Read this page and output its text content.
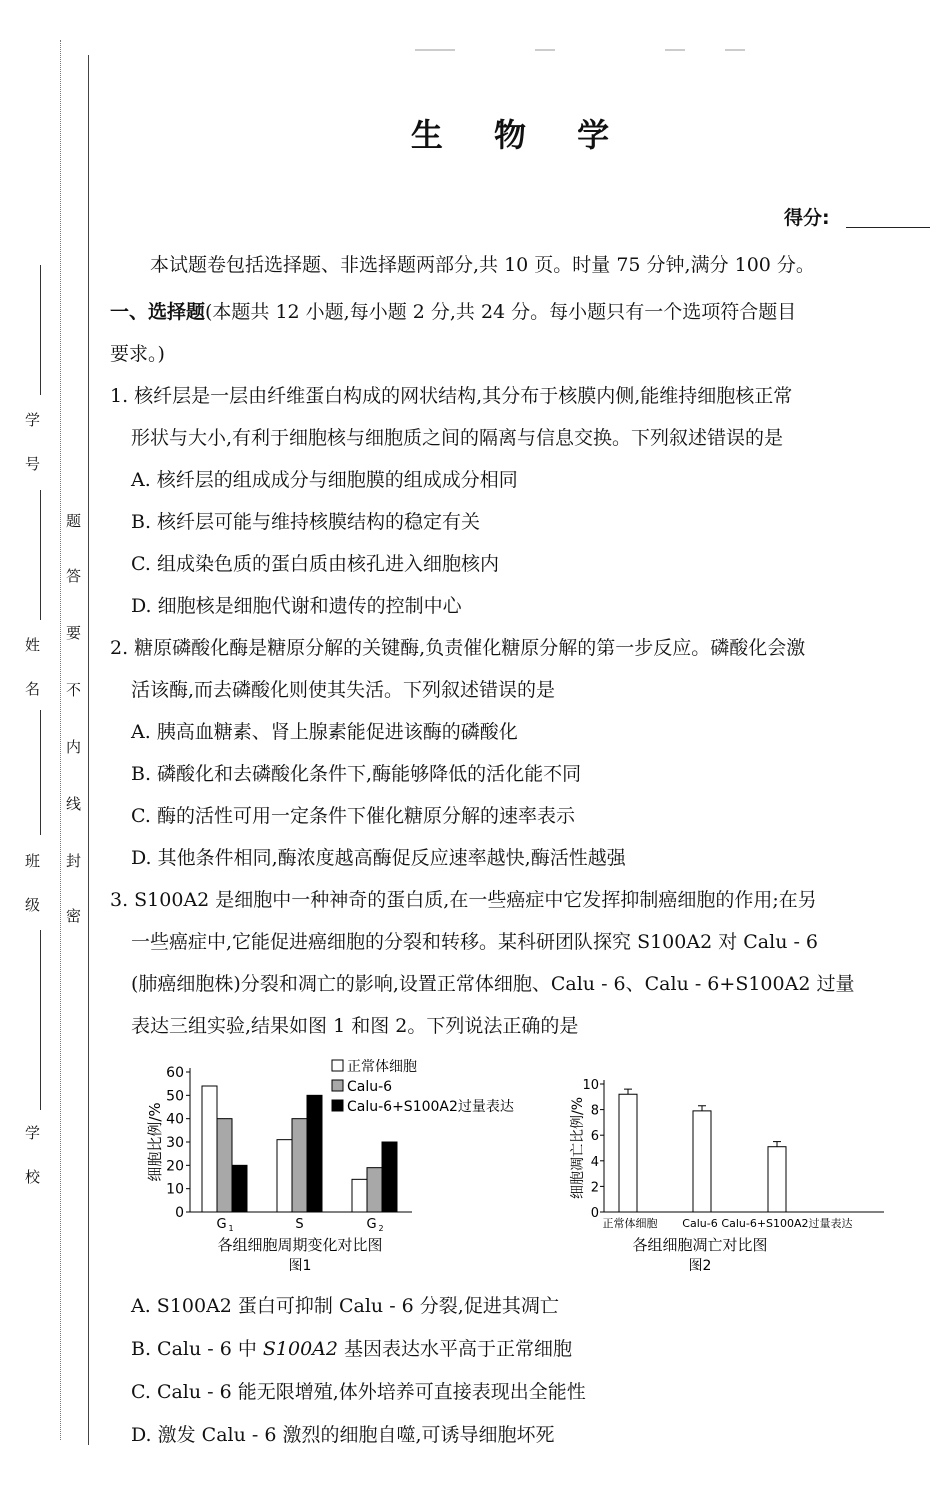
学 号
姓 名
班 级
学 校
题
答
要
不
内
线
封
密
生 物 学
得分:
本试题卷包括选择题、非选择题两部分,共 10 页。时量 75 分钟,满分 100 分。
一、选择题(本题共 12 小题,每小题 2 分,共 24 分。每小题只有一个选项符合题目
要求。)
1. 核纤层是一层由纤维蛋白构成的网状结构,其分布于核膜内侧,能维持细胞核正常
形状与大小,有利于细胞核与细胞质之间的隔离与信息交换。下列叙述错误的是
A. 核纤层的组成成分与细胞膜的组成成分相同
B. 核纤层可能与维持核膜结构的稳定有关
C. 组成染色质的蛋白质由核孔进入细胞核内
D. 细胞核是细胞代谢和遗传的控制中心
2. 糖原磷酸化酶是糖原分解的关键酶,负责催化糖原分解的第一步反应。磷酸化会激
活该酶,而去磷酸化则使其失活。下列叙述错误的是
A. 胰高血糖素、肾上腺素能促进该酶的磷酸化
B. 磷酸化和去磷酸化条件下,酶能够降低的活化能不同
C. 酶的活性可用一定条件下催化糖原分解的速率表示
D. 其他条件相同,酶浓度越高酶促反应速率越快,酶活性越强
3. S100A2 是细胞中一种神奇的蛋白质,在一些癌症中它发挥抑制癌细胞的作用;在另
一些癌症中,它能促进癌细胞的分裂和转移。某科研团队探究 S100A2 对 Calu - 6
(肺癌细胞株)分裂和凋亡的影响,设置正常体细胞、Calu - 6、Calu - 6+S100A2 过量
表达三组实验,结果如图 1 和图 2。下列说法正确的是
0
10
20
30
40
50
60
细胞比例/%
G 1	S	G 2
正常体细胞
Calu-6
Calu-6+S100A2过量表达
各组细胞周期变化对比图
图1
0
2
4
6
8
10
细胞凋亡比例/%
正常体细胞 Calu-6 Calu-6+S100A2过量表达
各组细胞凋亡对比图
图2
A. S100A2 蛋白可抑制 Calu - 6 分裂,促进其凋亡
B. Calu - 6 中 S100A2 基因表达水平高于正常细胞
C. Calu - 6 能无限增殖,体外培养可直接表现出全能性
D. 激发 Calu - 6 激烈的细胞自噬,可诱导细胞坏死
